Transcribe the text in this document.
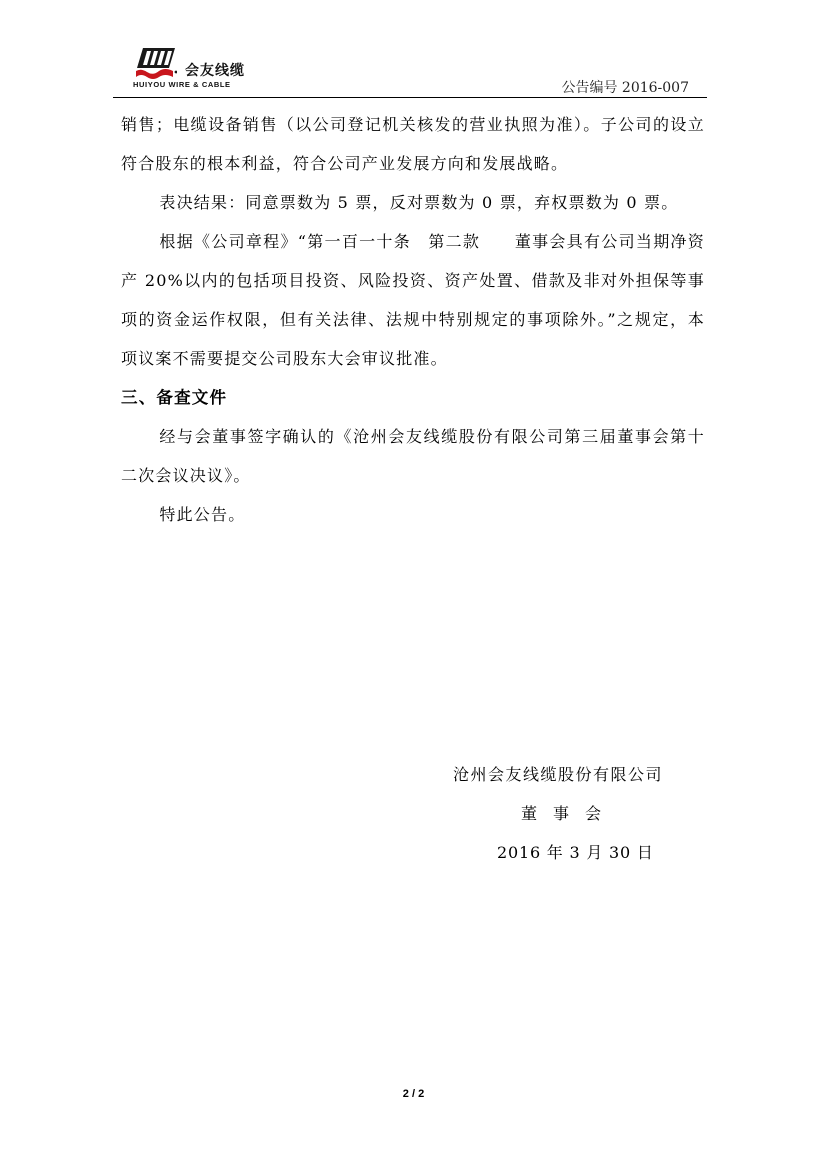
会友线缆
HUIYOU WIRE & CABLE	公告编号 2016-007

销售；电缆设备销售（以公司登记机关核发的营业执照为准）。子公司的设立符合股东的根本利益，符合公司产业发展方向和发展战略。

表决结果：同意票数为 5 票，反对票数为 0 票，弃权票数为 0 票。

根据《公司章程》“第一百一十条　第二款　　董事会具有公司当期净资产 20%以内的包括项目投资、风险投资、资产处置、借款及非对外担保等事项的资金运作权限，但有关法律、法规中特别规定的事项除外。”之规定，本项议案不需要提交公司股东大会审议批准。

三、备查文件

经与会董事签字确认的《沧州会友线缆股份有限公司第三届董事会第十二次会议决议》。

特此公告。

沧州会友线缆股份有限公司
董事会
2016 年 3 月 30 日
2 / 2
